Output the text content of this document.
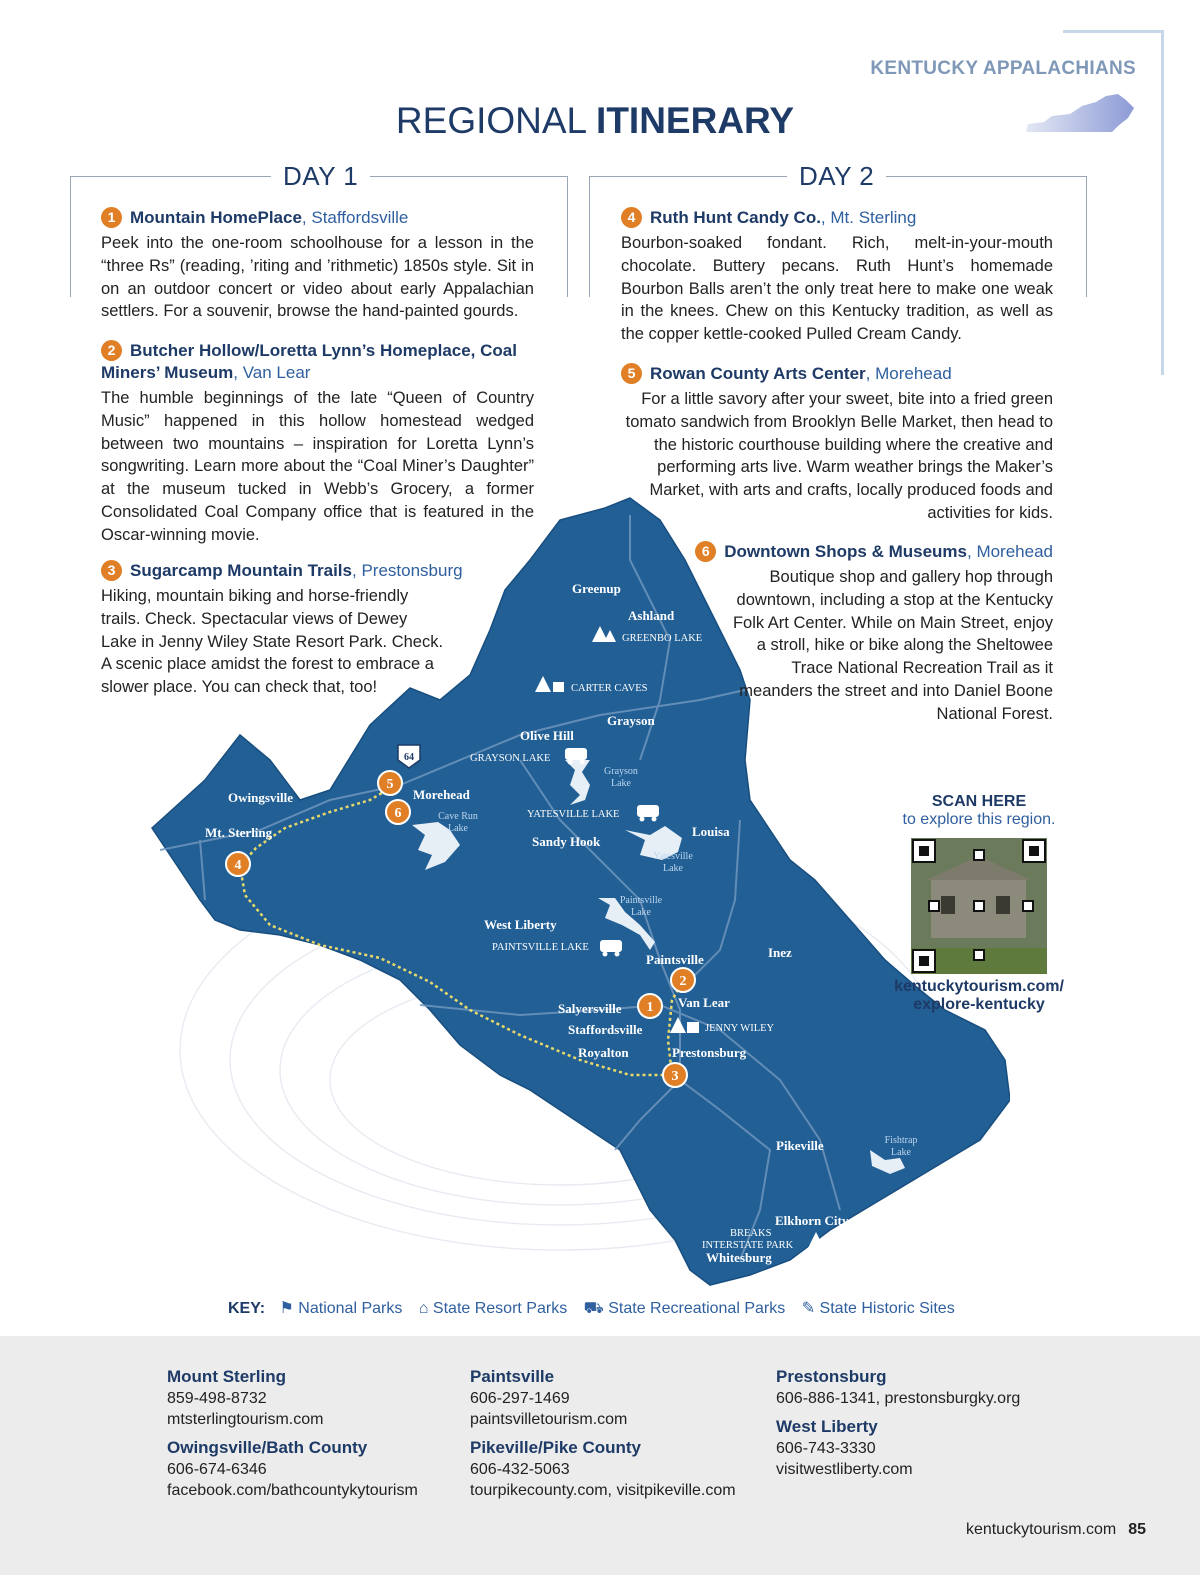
KENTUCKY APPALACHIANS
REGIONAL ITINERARY
DAY 1	DAY 2
64
Greenup
Ashland
Grayson
Olive Hill
Morehead
Owingsville
Mt. Sterling
Sandy Hook
Louisa
West Liberty
Paintsville	Inez
Van Lear
Salyersville
Staffordsville
Royalton	Prestonsburg
Pikeville
Elkhorn City
Whitesburg
GREENBO LAKE
CARTER CAVES
GRAYSON LAKE
YATESVILLE LAKE
PAINTSVILLE LAKE
JENNY WILEY
BREAKS
INTERSTATE PARK
Grayson
Lake
Cave Run
Lake
Yatesville
Lake
Paintsville
Lake
Fishtrap
Lake
1
2
3
4
5
6
1 Mountain HomePlace, Staffordsville
Peek into the one-room schoolhouse for a lesson in the “three Rs” (reading, ’riting and ’rithmetic) 1850s style. Sit in on an outdoor concert or video about early Appalachian settlers. For a souvenir, browse the hand-painted gourds.
2 Butcher Hollow/Loretta Lynn’s Homeplace, Coal Miners’ Museum, Van Lear
The humble beginnings of the late “Queen of Country Music” happened in this hollow homestead wedged between two mountains – inspiration for Loretta Lynn’s songwriting. Learn more about the “Coal Miner’s Daughter” at the museum tucked in Webb’s Grocery, a former Consolidated Coal Company office that is featured in the Oscar-winning movie.
3 Sugarcamp Mountain Trails, Prestonsburg
Hiking, mountain biking and horse-friendly trails. Check. Spectacular views of Dewey Lake in Jenny Wiley State Resort Park. Check. A scenic place amidst the forest to embrace a slower place. You can check that, too!
4 Ruth Hunt Candy Co., Mt. Sterling
Bourbon-soaked fondant. Rich, melt-in-your-mouth chocolate. Buttery pecans. Ruth Hunt’s homemade Bourbon Balls aren’t the only treat here to make one weak in the knees. Chew on this Kentucky tradition, as well as the copper kettle-cooked Pulled Cream Candy.
5 Rowan County Arts Center, Morehead
For a little savory after your sweet, bite into a fried green tomato sandwich from Brooklyn Belle Market, then head to the historic courthouse building where the creative and performing arts live. Warm weather brings the Maker’s Market, with arts and crafts, locally produced foods and activities for kids.
6 Downtown Shops & Museums, Morehead
Boutique shop and gallery hop through downtown, including a stop at the Kentucky Folk Art Center. While on Main Street, enjoy a stroll, hike or bike along the Sheltowee Trace National Recreation Trail as it meanders the street and into Daniel Boone National Forest.
SCAN HERE
to explore this region.
kentuckytourism.com/
explore-kentucky
KEY: ⚑ National Parks ⌂ State Resort Parks ⛟ State Recreational Parks ✎ State Historic Sites
Mount Sterling
859-498-8732
mtsterlingtourism.com
Owingsville/Bath County
606-674-6346
facebook.com/bathcountykytourism
Paintsville
606-297-1469
paintsvilletourism.com
Pikeville/Pike County
606-432-5063
tourpikecounty.com, visitpikeville.com
Prestonsburg
606-886-1341, prestonsburgky.org
West Liberty
606-743-3330
visitwestliberty.com
kentuckytourism.com 85
